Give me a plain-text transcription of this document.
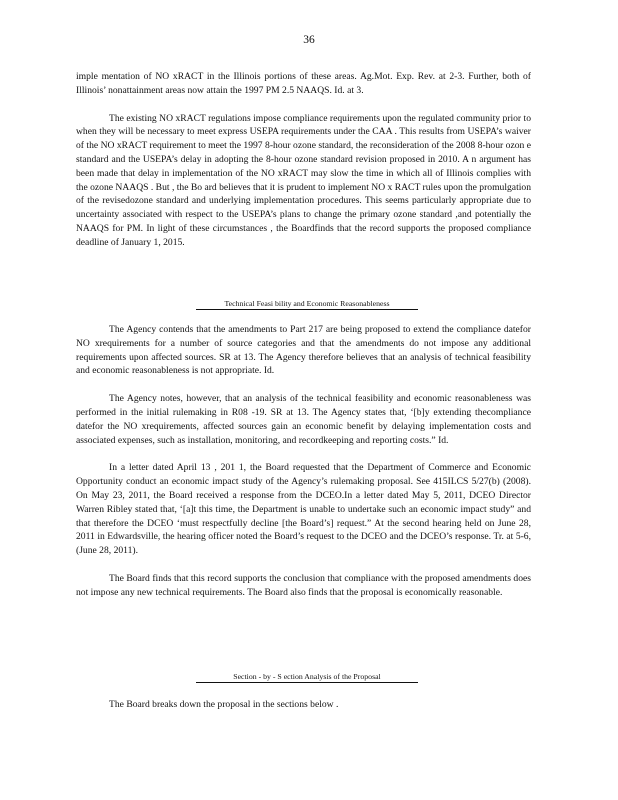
36

imple mentation of NO xRACT in the Illinois portions of these areas. Ag.Mot. Exp. Rev. at 2-3. Further, both of Illinois’ nonattainment areas now attain the 1997 PM 2.5 NAAQS. Id. at 3.

The existing NO xRACT regulations impose compliance requirements upon the regulated community prior to when they will be necessary to meet express USEPA requirements under the CAA . This results from USEPA’s waiver of the NO xRACT requirement to meet the 1997 8-hour ozone standard, the reconsideration of the 2008 8-hour ozon e standard and the USEPA’s delay in adopting the 8-hour ozone standard revision proposed in 2010. A n argument has been made that delay in implementation of the NO xRACT may slow the time in which all of Illinois complies with the ozone NAAQS . But , the Bo ard believes that it is prudent to implement NO x RACT rules upon the promulgation of the revisedozone standard and underlying implementation procedures. This seems particularly appropriate due to uncertainty associated with respect to the USEPA’s plans to change the primary ozone standard ,and potentially the NAAQS for PM. In light of these circumstances , the Boardfinds that the record supports the proposed compliance deadline of January 1, 2015.

Technical Feasi bility and Economic Reasonableness

The Agency contends that the amendments to Part 217 are being proposed to extend the compliance datefor NO xrequirements for a number of source categories and that the amendments do not impose any additional requirements upon affected sources. SR at 13. The Agency therefore believes that an analysis of technical feasibility and economic reasonableness is not appropriate. Id.

The Agency notes, however, that an analysis of the technical feasibility and economic reasonableness was performed in the initial rulemaking in R08 -19. SR at 13. The Agency states that, ‘[b]y extending thecompliance datefor the NO xrequirements, affected sources gain an economic benefit by delaying implementation costs and associated expenses, such as installation, monitoring, and recordkeeping and reporting costs.” Id.

In a letter dated April 13 , 201 1, the Board requested that the Department of Commerce and Economic Opportunity conduct an economic impact study of the Agency’s rulemaking proposal. See 415ILCS 5/27(b) (2008). On May 23, 2011, the Board received a response from the DCEO.In a letter dated May 5, 2011, DCEO Director Warren Ribley stated that, ‘[a]t this time, the Department is unable to undertake such an economic impact study” and that therefore the DCEO ‘must respectfully decline [the Board’s] request.” At the second hearing held on June 28, 2011 in Edwardsville, the hearing officer noted the Board’s request to the DCEO and the DCEO’s response. Tr. at 5-6, (June 28, 2011).

The Board finds that this record supports the conclusion that compliance with the proposed amendments does not impose any new technical requirements. The Board also finds that the proposal is economically reasonable.

Section - by - S ection Analysis of the Proposal

The Board breaks down the proposal in the sections below .
